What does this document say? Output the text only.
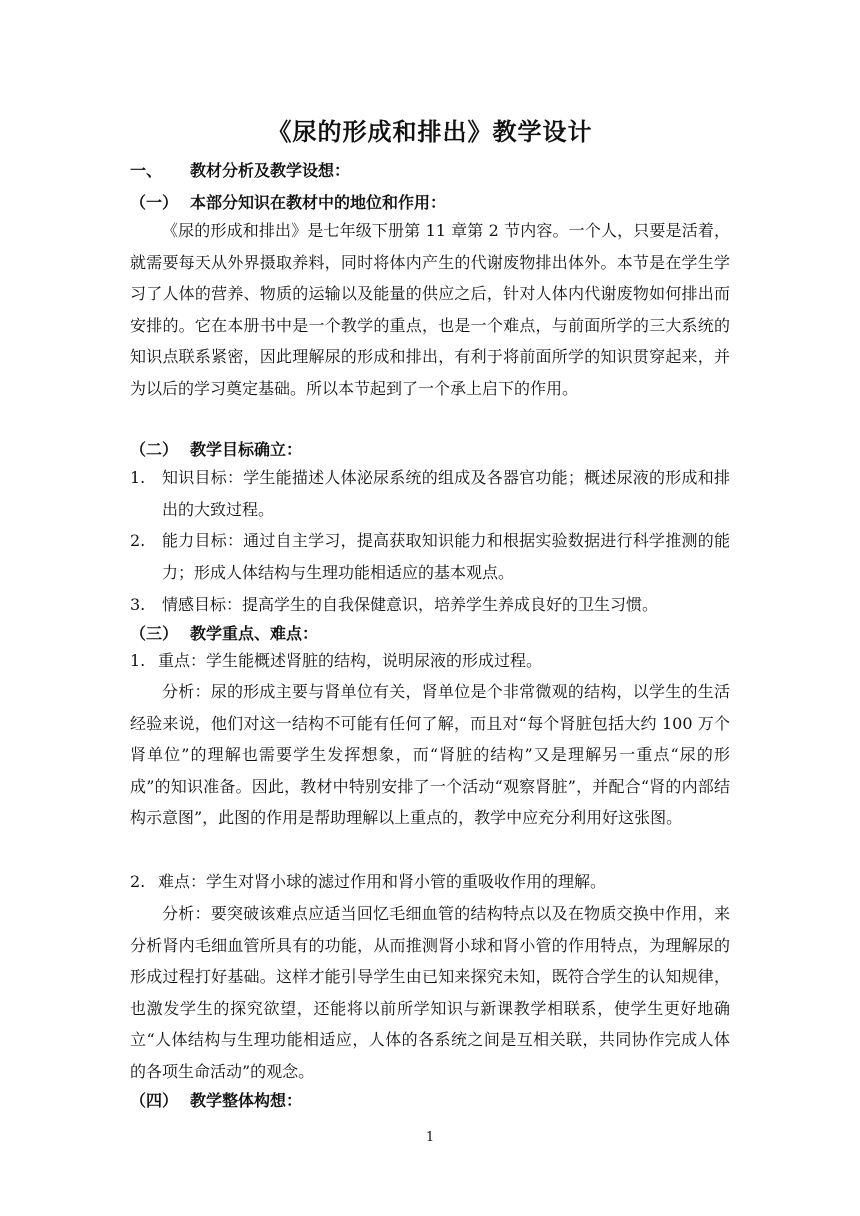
《尿的形成和排出》教学设计
一、 教材分析及教学设想：
（一） 本部分知识在教材中的地位和作用：
《尿的形成和排出》是七年级下册第 11 章第 2 节内容。一个人，只要是活着，就需要每天从外界摄取养料，同时将体内产生的代谢废物排出体外。本节是在学生学习了人体的营养、物质的运输以及能量的供应之后，针对人体内代谢废物如何排出而安排的。它在本册书中是一个教学的重点，也是一个难点，与前面所学的三大系统的知识点联系紧密，因此理解尿的形成和排出，有利于将前面所学的知识贯穿起来，并为以后的学习奠定基础。所以本节起到了一个承上启下的作用。
（二） 教学目标确立：
1.	知识目标：学生能描述人体泌尿系统的组成及各器官功能；概述尿液的形成和排出的大致过程。
2.	能力目标：通过自主学习，提高获取知识能力和根据实验数据进行科学推测的能力；形成人体结构与生理功能相适应的基本观点。
3.	情感目标：提高学生的自我保健意识，培养学生养成良好的卫生习惯。
（三） 教学重点、难点：
1. 重点：学生能概述肾脏的结构，说明尿液的形成过程。
分析：尿的形成主要与肾单位有关，肾单位是个非常微观的结构，以学生的生活经验来说，他们对这一结构不可能有任何了解，而且对“每个肾脏包括大约 100 万个肾单位”的理解也需要学生发挥想象，而“肾脏的结构”又是理解另一重点“尿的形成”的知识准备。因此，教材中特别安排了一个活动“观察肾脏”，并配合“肾的内部结构示意图”，此图的作用是帮助理解以上重点的，教学中应充分利用好这张图。
2. 难点：学生对肾小球的滤过作用和肾小管的重吸收作用的理解。
分析：要突破该难点应适当回忆毛细血管的结构特点以及在物质交换中作用，来分析肾内毛细血管所具有的功能，从而推测肾小球和肾小管的作用特点，为理解尿的形成过程打好基础。这样才能引导学生由已知来探究未知，既符合学生的认知规律，也激发学生的探究欲望，还能将以前所学知识与新课教学相联系，使学生更好地确立“人体结构与生理功能相适应，人体的各系统之间是互相关联，共同协作完成人体的各项生命活动”的观念。
（四） 教学整体构想：
1
